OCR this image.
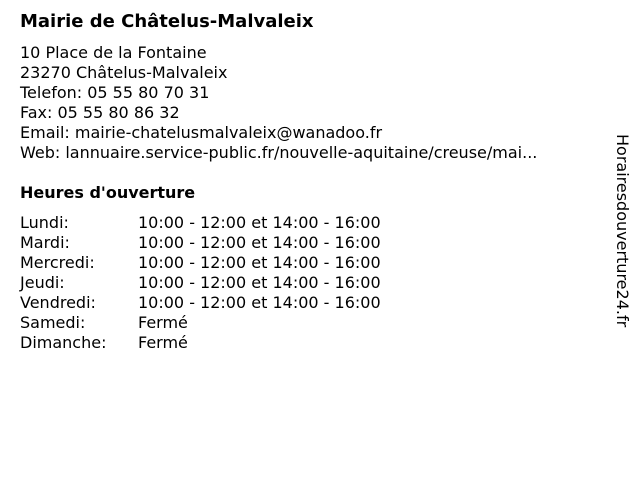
Mairie de Châtelus-Malvaleix
10 Place de la Fontaine
23270 Châtelus-Malvaleix
Telefon: 05 55 80 70 31
Fax: 05 55 80 86 32
Email: mairie-chatelusmalvaleix@wanadoo.fr
Web: lannuaire.service-public.fr/nouvelle-aquitaine/creuse/mai...
Heures d'ouverture
Lundi:	10:00 - 12:00 et 14:00 - 16:00
Mardi:	10:00 - 12:00 et 14:00 - 16:00
Mercredi:	10:00 - 12:00 et 14:00 - 16:00
Jeudi:	10:00 - 12:00 et 14:00 - 16:00
Vendredi:	10:00 - 12:00 et 14:00 - 16:00
Samedi:	Fermé
Dimanche: Fermé
Horairesdouverture24.fr
